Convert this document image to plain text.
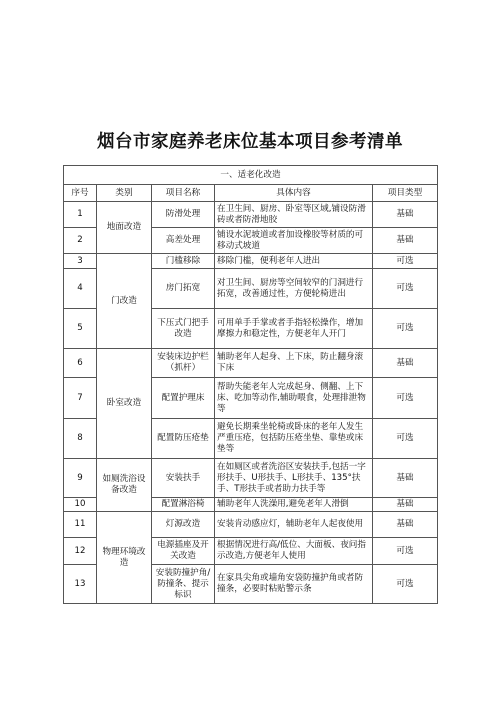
烟台市家庭养老床位基本项目参考清单
一、适老化改造				
序号	类别	项目名称	具体内容	项目类型
1	地面改造	防滑处理	在卫生间、厨房、卧室等区域,铺设防滑砖或者防滑地胶	基础
2		高差处理	铺设水泥坡道或者加设橡胶等材质的可移动式坡道	基础
3	门改造	门槛移除	移除门槛，便利老年人进出	可选
4		房门拓宽	对卫生间、厨房等空间较窄的门洞进行拓宽，改善通过性，方便轮椅进出	可选
5		下压式门把手改造	可用单手手掌或者手指轻松操作，增加摩擦力和稳定性，方便老年人开门	可选
6	卧室改造	安装床边护栏（抓杆）	辅助老年人起身、上下床，防止翻身滚下床	基础
7		配置护理床	帮助失能老年人完成起身、侧翻、上下床、吃加等动作,辅助喂食，处理排泄物等	可选
8		配置防压疮垫	避免长期乘坐轮椅或卧床的老年人发生严重压疮，包括防压疮坐垫、靠垫或床垫等	可选
9	如厕洗浴设备改造	安装扶手	在如厕区或者洗浴区安装扶手,包括一字形扶手、U形扶手、L形扶手、135°扶手、T形扶手或者助力扶手等	基础
10		配置淋浴椅	辅助老年人洗澡用,避免老年人滑倒	基础
11	物理环境改造	灯源改造	安装肯动感应灯，辅助老年人起夜使用	基础
12		电源插座及开关改造	根据情况进行高/低位、大面板、夜问指示改造,方便老年人使用	可选
13		安装防撞护角/防撞条、提示标识	在家具尖角或墙角安袋防撞护角或者防撞条，必要时粘贴警示条	可选
